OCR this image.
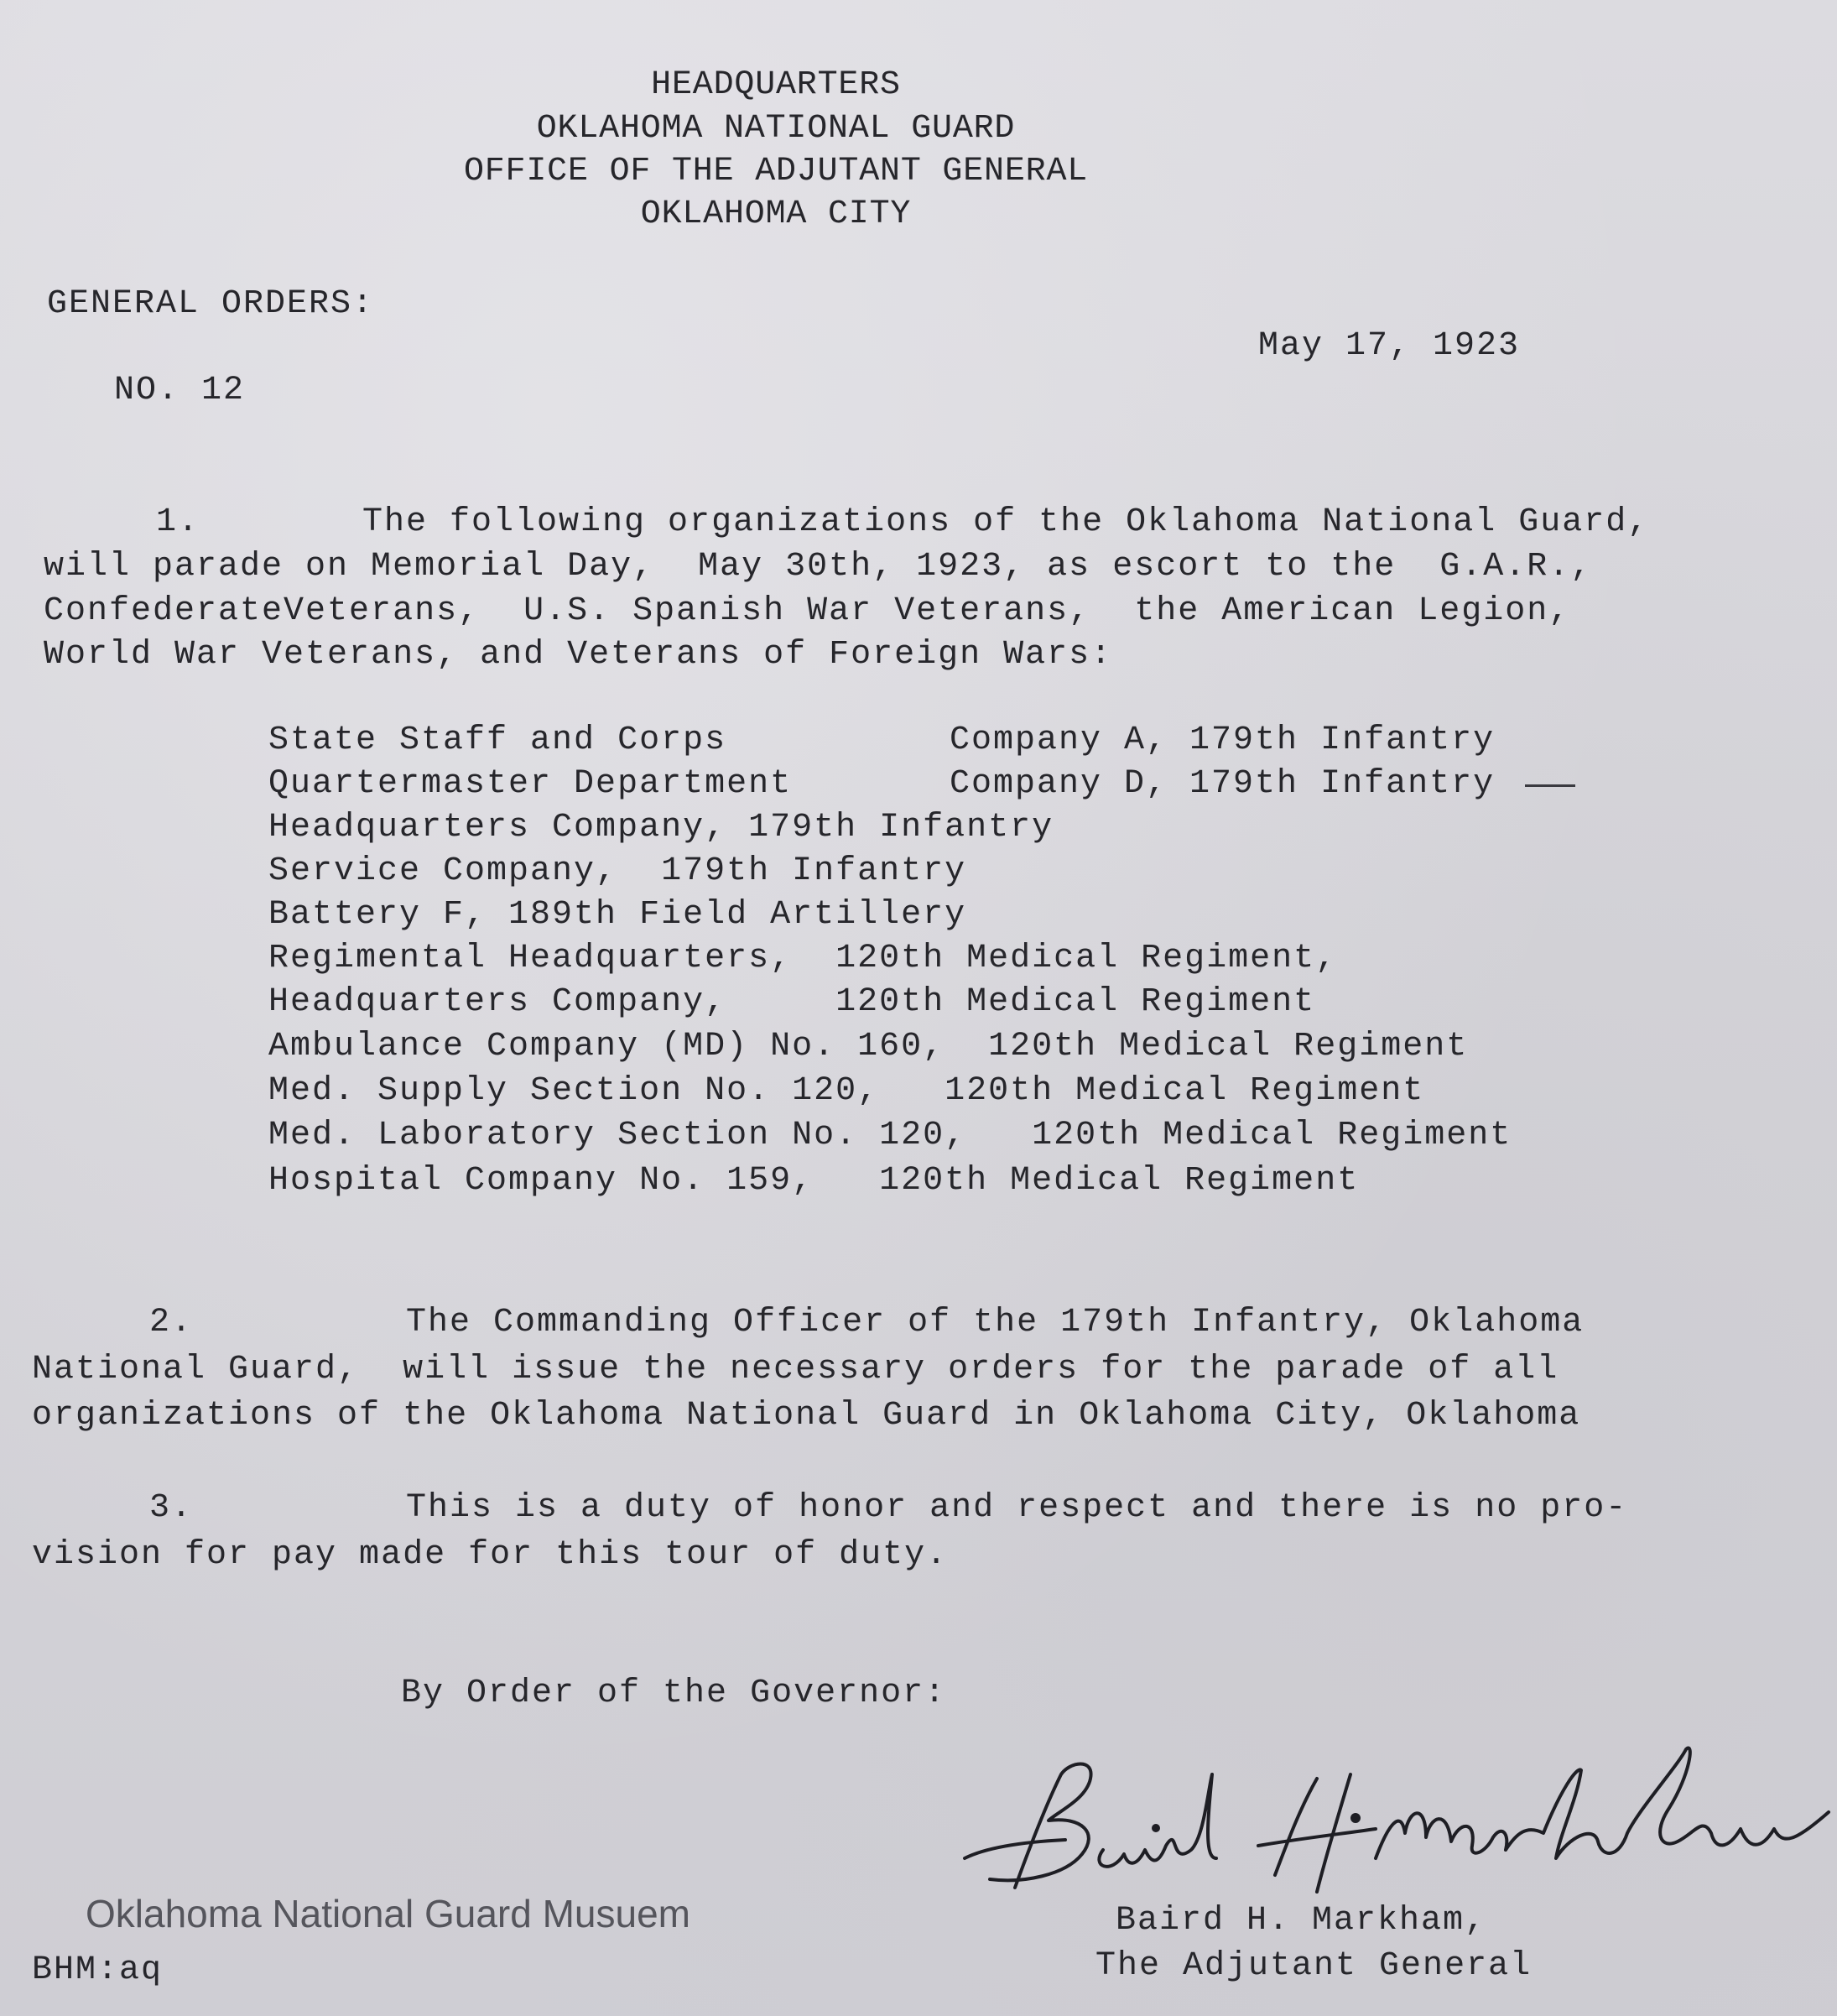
HEADQUARTERS
OKLAHOMA NATIONAL GUARD
OFFICE OF THE ADJUTANT GENERAL
OKLAHOMA CITY
GENERAL ORDERS:
May 17, 1923
NO. 12
1.	The following organizations of the Oklahoma National Guard,
will parade on Memorial Day,  May 30th, 1923, as escort to the  G.A.R.,
ConfederateVeterans,  U.S. Spanish War Veterans,  the American Legion,
World War Veterans, and Veterans of Foreign Wars:
State Staff and Corps	Company A, 179th Infantry
Quartermaster Department	Company D, 179th Infantry
Headquarters Company, 179th Infantry
Service Company,  179th Infantry
Battery F, 189th Field Artillery
Regimental Headquarters,  120th Medical Regiment,
Headquarters Company,     120th Medical Regiment
Ambulance Company (MD) No. 160,  120th Medical Regiment
Med. Supply Section No. 120,   120th Medical Regiment
Med. Laboratory Section No. 120,   120th Medical Regiment
Hospital Company No. 159,   120th Medical Regiment
2.	The Commanding Officer of the 179th Infantry, Oklahoma
National Guard,  will issue the necessary orders for the parade of all
organizations of the Oklahoma National Guard in Oklahoma City, Oklahoma
3.	This is a duty of honor and respect and there is no pro-
vision for pay made for this tour of duty.
By Order of the Governor:
Baird H. Markham,
The Adjutant General
BHM:aq
Oklahoma National Guard Musuem
